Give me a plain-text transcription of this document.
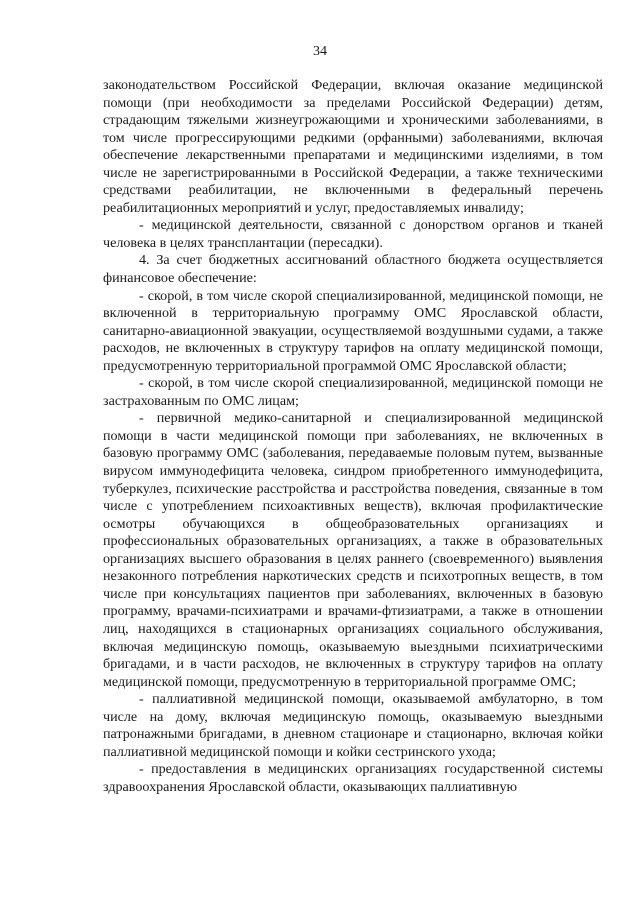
34

законодательством Российской Федерации, включая оказание медицинской помощи (при необходимости за пределами Российской Федерации) детям, страдающим тяжелыми жизнеугрожающими и хроническими заболеваниями, в том числе прогрессирующими редкими (орфанными) заболеваниями, включая обеспечение лекарственными препаратами и медицинскими изделиями, в том числе не зарегистрированными в Российской Федерации, а также техническими средствами реабилитации, не включенными в федеральный перечень реабилитационных мероприятий и услуг, предоставляемых инвалиду;

- медицинской деятельности, связанной с донорством органов и тканей человека в целях трансплантации (пересадки).

4. За счет бюджетных ассигнований областного бюджета осуществляется финансовое обеспечение:

- скорой, в том числе скорой специализированной, медицинской помощи, не включенной в территориальную программу ОМС Ярославской области, санитарно-авиационной эвакуации, осуществляемой воздушными судами, а также расходов, не включенных в структуру тарифов на оплату медицинской помощи, предусмотренную территориальной программой ОМС Ярославской области;

- скорой, в том числе скорой специализированной, медицинской помощи не застрахованным по ОМС лицам;

- первичной медико-санитарной и специализированной медицинской помощи в части медицинской помощи при заболеваниях, не включенных в базовую программу ОМС (заболевания, передаваемые половым путем, вызванные вирусом иммунодефицита человека, синдром приобретенного иммунодефицита, туберкулез, психические расстройства и расстройства поведения, связанные в том числе с употреблением психоактивных веществ), включая профилактические осмотры обучающихся в общеобразовательных организациях и профессиональных образовательных организациях, а также в образовательных организациях высшего образования в целях раннего (своевременного) выявления незаконного потребления наркотических средств и психотропных веществ, в том числе при консультациях пациентов при заболеваниях, включенных в базовую программу, врачами-психиатрами и врачами-фтизиатрами, а также в отношении лиц, находящихся в стационарных организациях социального обслуживания, включая медицинскую помощь, оказываемую выездными психиатрическими бригадами, и в части расходов, не включенных в структуру тарифов на оплату медицинской помощи, предусмотренную в территориальной программе ОМС;

- паллиативной медицинской помощи, оказываемой амбулаторно, в том числе на дому, включая медицинскую помощь, оказываемую выездными патронажными бригадами, в дневном стационаре и стационарно, включая койки паллиативной медицинской помощи и койки сестринского ухода;

- предоставления в медицинских организациях государственной системы здравоохранения Ярославской области, оказывающих паллиативную
